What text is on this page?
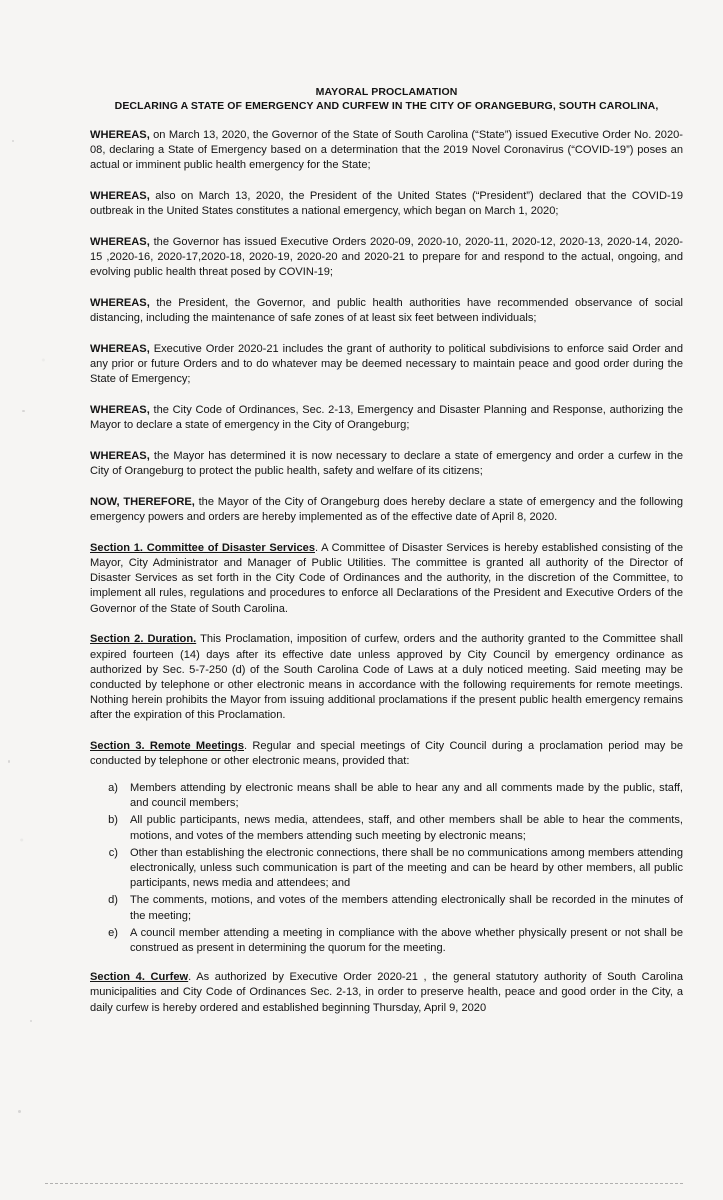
MAYORAL PROCLAMATION
DECLARING A STATE OF EMERGENCY AND CURFEW IN THE CITY OF ORANGEBURG, SOUTH CAROLINA,

WHEREAS, on March 13, 2020, the Governor of the State of South Carolina (“State”) issued Executive Order No. 2020-08, declaring a State of Emergency based on a determination that the 2019 Novel Coronavirus (“COVID-19”) poses an actual or imminent public health emergency for the State;

WHEREAS, also on March 13, 2020, the President of the United States (“President”) declared that the COVID-19 outbreak in the United States constitutes a national emergency, which began on March 1, 2020;

WHEREAS, the Governor has issued Executive Orders 2020-09, 2020-10, 2020-11, 2020-12, 2020-13, 2020-14, 2020-15 ,2020-16, 2020-17,2020-18, 2020-19, 2020-20 and 2020-21 to prepare for and respond to the actual, ongoing, and evolving public health threat posed by COVIN-19;

WHEREAS, the President, the Governor, and public health authorities have recommended observance of social distancing, including the maintenance of safe zones of at least six feet between individuals;

WHEREAS, Executive Order 2020-21 includes the grant of authority to political subdivisions to enforce said Order and any prior or future Orders and to do whatever may be deemed necessary to maintain peace and good order during the State of Emergency;

WHEREAS, the City Code of Ordinances, Sec. 2-13, Emergency and Disaster Planning and Response, authorizing the Mayor to declare a state of emergency in the City of Orangeburg;

WHEREAS, the Mayor has determined it is now necessary to declare a state of emergency and order a curfew in the City of Orangeburg to protect the public health, safety and welfare of its citizens;

NOW, THEREFORE, the Mayor of the City of Orangeburg does hereby declare a state of emergency and the following emergency powers and orders are hereby implemented as of the effective date of April 8, 2020.

Section 1. Committee of Disaster Services. A Committee of Disaster Services is hereby established consisting of the Mayor, City Administrator and Manager of Public Utilities. The committee is granted all authority of the Director of Disaster Services as set forth in the City Code of Ordinances and the authority, in the discretion of the Committee, to implement all rules, regulations and procedures to enforce all Declarations of the President and Executive Orders of the Governor of the State of South Carolina.

Section 2. Duration. This Proclamation, imposition of curfew, orders and the authority granted to the Committee shall expired fourteen (14) days after its effective date unless approved by City Council by emergency ordinance as authorized by Sec. 5-7-250 (d) of the South Carolina Code of Laws at a duly noticed meeting. Said meeting may be conducted by telephone or other electronic means in accordance with the following requirements for remote meetings. Nothing herein prohibits the Mayor from issuing additional proclamations if the present public health emergency remains after the expiration of this Proclamation.

Section 3. Remote Meetings. Regular and special meetings of City Council during a proclamation period may be conducted by telephone or other electronic means, provided that:

a)	Members attending by electronic means shall be able to hear any and all comments made by the public, staff, and council members;
b)	All public participants, news media, attendees, staff, and other members shall be able to hear the comments, motions, and votes of the members attending such meeting by electronic means;
c)	Other than establishing the electronic connections, there shall be no communications among members attending electronically, unless such communication is part of the meeting and can be heard by other members, all public participants, news media and attendees; and
d)	The comments, motions, and votes of the members attending electronically shall be recorded in the minutes of the meeting;
e)	A council member attending a meeting in compliance with the above whether physically present or not shall be construed as present in determining the quorum for the meeting.

Section 4. Curfew. As authorized by Executive Order 2020-21 , the general statutory authority of South Carolina municipalities and City Code of Ordinances Sec. 2-13, in order to preserve health, peace and good order in the City, a daily curfew is hereby ordered and established beginning Thursday, April 9, 2020
